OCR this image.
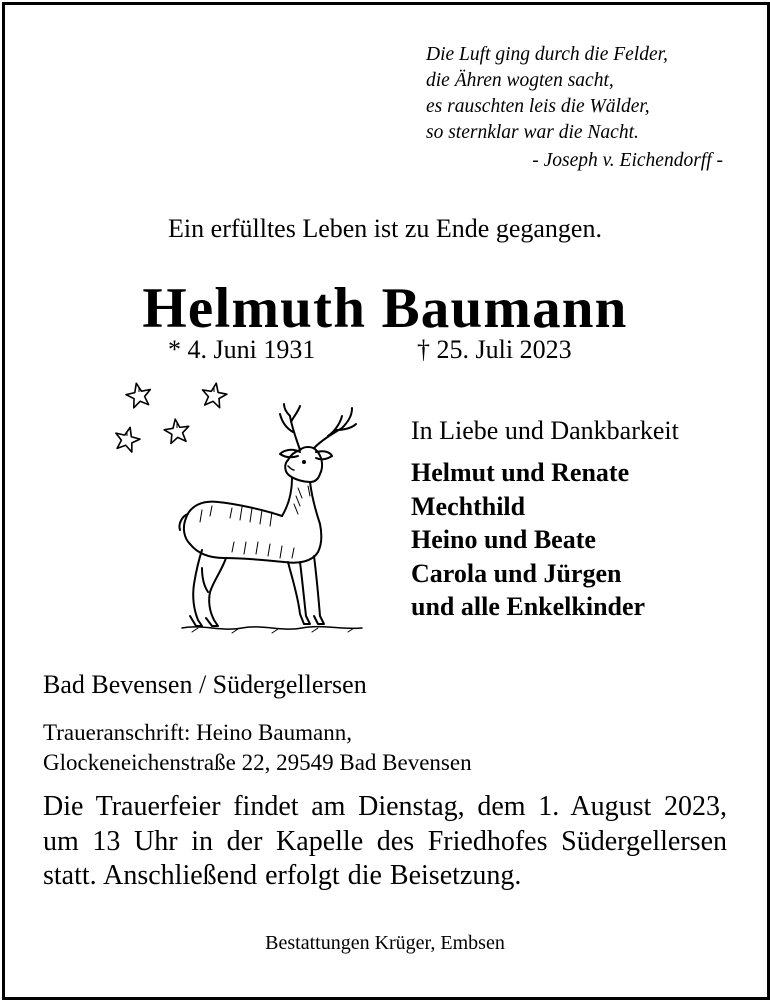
Die Luft ging durch die Felder,
die Ähren wogten sacht,
es rauschten leis die Wälder,
so sternklar war die Nacht.
- Joseph v. Eichendorff -
Ein erfülltes Leben ist zu Ende gegangen.
Helmuth Baumann
* 4. Juni 1931	† 25. Juli 2023
In Liebe und Dankbarkeit
Helmut und Renate
Mechthild
Heino und Beate
Carola und Jürgen
und alle Enkelkinder
Bad Bevensen / Südergellersen
Traueranschrift: Heino Baumann,
Glockeneichenstraße 22, 29549 Bad Bevensen

Die Trauerfeier findet am Dienstag, dem 1. August 2023, um 13 Uhr in der Kapelle des Friedhofes Südergellersen statt. Anschließend erfolgt die Beisetzung.

Bestattungen Krüger, Embsen
